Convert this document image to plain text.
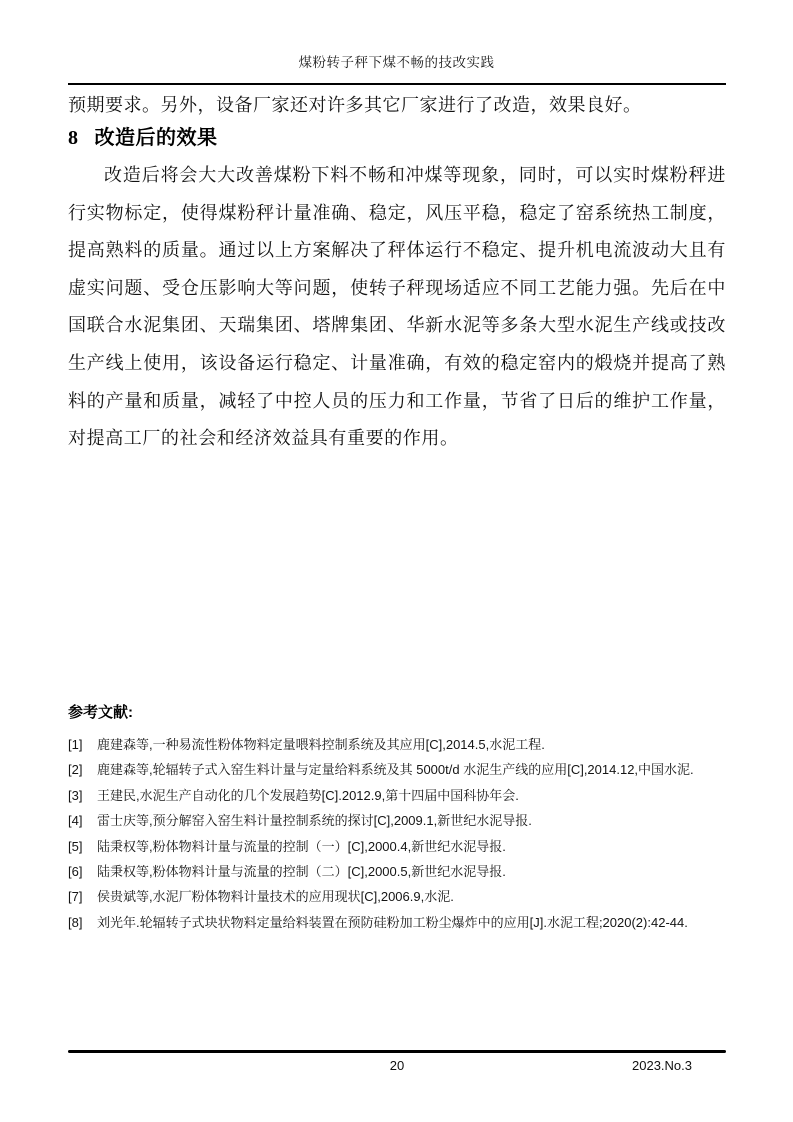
煤粉转子秤下煤不畅的技改实践
预期要求。另外，设备厂家还对许多其它厂家进行了改造，效果良好。
8 改造后的效果
改造后将会大大改善煤粉下料不畅和冲煤等现象，同时，可以实时煤粉秤进行实物标定，使得煤粉秤计量准确、稳定，风压平稳，稳定了窑系统热工制度，提高熟料的质量。通过以上方案解决了秤体运行不稳定、提升机电流波动大且有虚实问题、受仓压影响大等问题，使转子秤现场适应不同工艺能力强。先后在中国联合水泥集团、天瑞集团、塔牌集团、华新水泥等多条大型水泥生产线或技改生产线上使用，该设备运行稳定、计量准确，有效的稳定窑内的煅烧并提高了熟料的产量和质量，减轻了中控人员的压力和工作量，节省了日后的维护工作量，对提高工厂的社会和经济效益具有重要的作用。
参考文献:
[1]	鹿建森等,一种易流性粉体物料定量喂料控制系统及其应用[C],2014.5,水泥工程.
[2]	鹿建森等,轮辐转子式入窑生料计量与定量给料系统及其 5000t/d 水泥生产线的应用[C],2014.12,中国水泥.
[3]	王建民,水泥生产自动化的几个发展趋势[C].2012.9,第十四届中国科协年会.
[4]	雷士庆等,预分解窑入窑生料计量控制系统的探讨[C],2009.1,新世纪水泥导报.
[5]	陆秉权等,粉体物料计量与流量的控制（一）[C],2000.4,新世纪水泥导报.
[6]	陆秉权等,粉体物料计量与流量的控制（二）[C],2000.5,新世纪水泥导报.
[7]	侯贵斌等,水泥厂粉体物料计量技术的应用现状[C],2006.9,水泥.
[8]	刘光年.轮辐转子式块状物料定量给料装置在预防硅粉加工粉尘爆炸中的应用[J].水泥工程;2020(2):42-44.
20	2023.No.3
